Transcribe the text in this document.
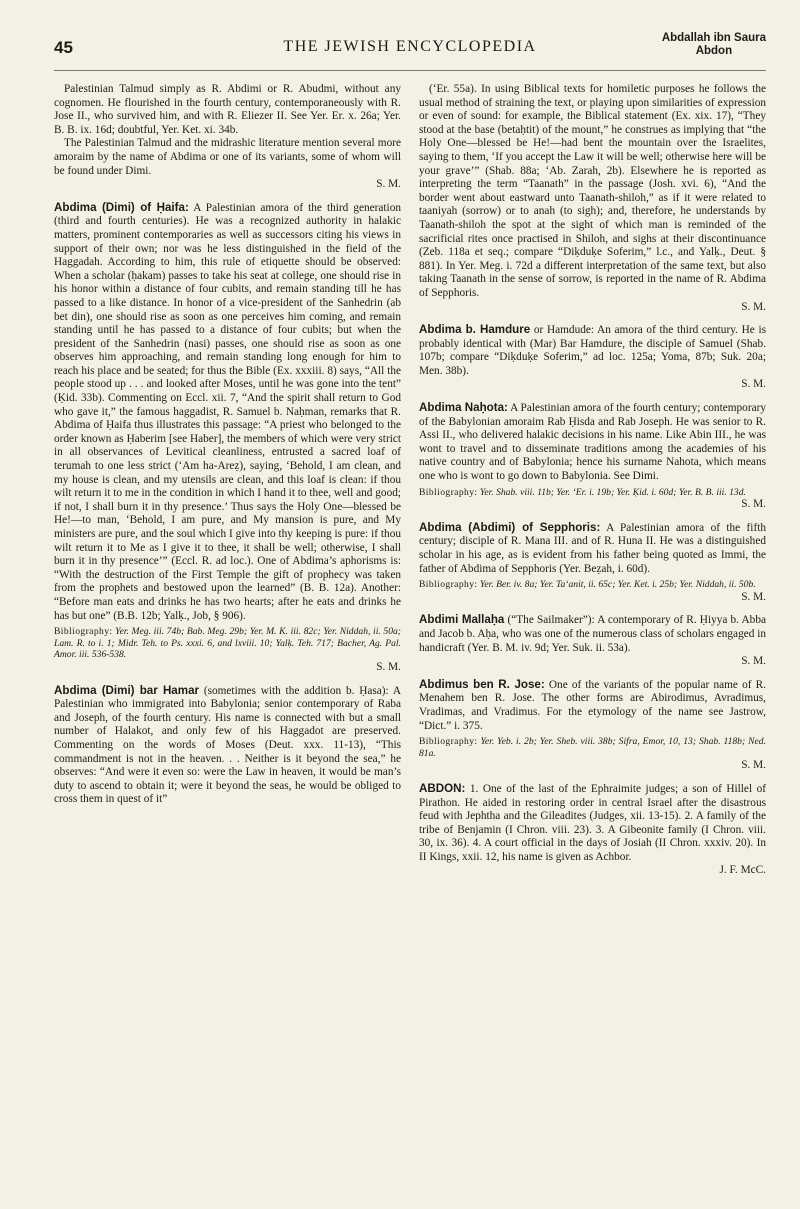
45	THE JEWISH ENCYCLOPEDIA	Abdallah ibn Saura
Abdon

Palestinian Talmud simply as R. Abdimi or R. Abudmi, without any cognomen. He flourished in the fourth century, contemporaneously with R. Jose II., who survived him, and with R. Eliezer II. See Yer. Er. x. 26a; Yer. B. B. ix. 16d; doubtful, Yer. Ket. xi. 34b.

The Palestinian Talmud and the midrashic literature mention several more amoraim by the name of Abdima or one of its variants, some of whom will be found under Dimi.

S. M.

Abdima (Dimi) of Ḥaifa: A Palestinian amora of the third generation (third and fourth centuries). He was a recognized authority in halakic matters, prominent contemporaries as well as successors citing his views in support of their own; nor was he less distinguished in the field of the Haggadah. According to him, this rule of etiquette should be observed: When a scholar (ḥakam) passes to take his seat at college, one should rise in his honor within a distance of four cubits, and remain standing till he has passed to a like distance. In honor of a vice-president of the Sanhedrin (ab bet din), one should rise as soon as one perceives him coming, and remain standing until he has passed to a distance of four cubits; but when the president of the Sanhedrin (nasi) passes, one should rise as soon as one observes him approaching, and remain standing long enough for him to reach his place and be seated; for thus the Bible (Ex. xxxiii. 8) says, “All the people stood up . . . and looked after Moses, until he was gone into the tent” (Ḳid. 33b). Commenting on Eccl. xii. 7, “And the spirit shall return to God who gave it,” the famous haggadist, R. Samuel b. Naḥman, remarks that R. Abdima of Ḥaifa thus illustrates this passage: “A priest who belonged to the order known as Ḥaberim [see Haber], the members of which were very strict in all observances of Levitical cleanliness, entrusted a sacred loaf of terumah to one less strict (‘Am ha-Areẓ), saying, ‘Behold, I am clean, and my house is clean, and my utensils are clean, and this loaf is clean: if thou wilt return it to me in the condition in which I hand it to thee, well and good; if not, I shall burn it in thy presence.’ Thus says the Holy One—blessed be He!—to man, ‘Behold, I am pure, and My mansion is pure, and My ministers are pure, and the soul which I give into thy keeping is pure: if thou wilt return it to Me as I give it to thee, it shall be well; otherwise, I shall burn it in thy presence’” (Eccl. R. ad loc.). One of Abdima’s aphorisms is: “With the destruction of the First Temple the gift of prophecy was taken from the prophets and bestowed upon the learned” (B. B. 12a). Another: “Before man eats and drinks he has two hearts; after he eats and drinks he has but one” (B.B. 12b; Yalḳ., Job, § 906).

Bibliography: Yer. Meg. iii. 74b; Bab. Meg. 29b; Yer. M. K. iii. 82c; Yer. Niddah, ii. 50a; Lam. R. to i. 1; Midr. Teh. to Ps. xxxi. 6, and lxviii. 10; Yalḳ. Teh. 717; Bacher, Ag. Pal. Amor. iii. 536-538.

S. M.

Abdima (Dimi) bar Hamar (sometimes with the addition b. Ḥasa): A Palestinian who immigrated into Babylonia; senior contemporary of Raba and Joseph, of the fourth century. His name is connected with but a small number of Halakot, and only few of his Haggadot are preserved. Commenting on the words of Moses (Deut. xxx. 11-13), “This commandment is not in the heaven. . . Neither is it beyond the sea,” he observes: “And were it even so: were the Law in heaven, it would be man’s duty to ascend to obtain it; were it beyond the seas, he would be obliged to cross them in quest of it”

(‘Er. 55a). In using Biblical texts for homiletic purposes he follows the usual method of straining the text, or playing upon similarities of expression or even of sound: for example, the Biblical statement (Ex. xix. 17), “They stood at the base (betaḥtit) of the mount,” he construes as implying that “the Holy One—blessed be He!—had bent the mountain over the Israelites, saying to them, ‘If you accept the Law it will be well; otherwise here will be your grave’” (Shab. 88a; ‘Ab. Zarah, 2b). Elsewhere he is reported as interpreting the term “Taanath” in the passage (Josh. xvi. 6), “And the border went about eastward unto Taanath-shiloh,” as if it were related to taaniyah (sorrow) or to anah (to sigh); and, therefore, he understands by Taanath-shiloh the spot at the sight of which man is reminded of the sacrificial rites once practised in Shiloh, and sighs at their discontinuance (Zeb. 118a et seq.; compare “Diḳduḳe Soferim,” l.c., and Yalḳ., Deut. § 881). In Yer. Meg. i. 72d a different interpretation of the same text, but also taking Taanath in the sense of sorrow, is reported in the name of R. Abdima of Sepphoris.

S. M.

Abdima b. Hamdure or Hamdude: An amora of the third century. He is probably identical with (Mar) Bar Hamdure, the disciple of Samuel (Shab. 107b; compare “Diḳduḳe Soferim,” ad loc. 125a; Yoma, 87b; Suk. 20a; Men. 38b).

S. M.

Abdima Naḥota: A Palestinian amora of the fourth century; contemporary of the Babylonian amoraim Rab Ḥisda and Rab Joseph. He was senior to R. Assi II., who delivered halakic decisions in his name. Like Abin III., he was wont to travel and to disseminate traditions among the academies of his native country and of Babylonia; hence his surname Nahota, which means one who is wont to go down to Babylonia. See Dimi.

Bibliography: Yer. Shab. viii. 11b; Yer. ‘Er. i. 19b; Yer. Ḳid. i. 60d; Yer. B. B. iii. 13d.

S. M.

Abdima (Abdimi) of Sepphoris: A Palestinian amora of the fifth century; disciple of R. Mana III. and of R. Huna II. He was a distinguished scholar in his age, as is evident from his father being quoted as Immi, the father of Abdima of Sepphoris (Yer. Beẓah, i. 60d).

Bibliography: Yer. Ber. iv. 8a; Yer. Ta‘anit, ii. 65c; Yer. Ket. i. 25b; Yer. Niddah, ii. 50b.

S. M.

Abdimi Mallaḥa (“The Sailmaker”): A contemporary of R. Ḥiyya b. Abba and Jacob b. Aḥa, who was one of the numerous class of scholars engaged in handicraft (Yer. B. M. iv. 9d; Yer. Suk. ii. 53a).

S. M.

Abdimus ben R. Jose: One of the variants of the popular name of R. Menahem ben R. Jose. The other forms are Abirodimus, Avradimus, Vradimas, and Vradimus. For the etymology of the name see Jastrow, “Dict.” i. 375.

Bibliography: Yer. Yeb. i. 2b; Yer. Sheb. viii. 38b; Sifra, Emor, 10, 13; Shab. 118b; Ned. 81a.

S. M.

ABDON: 1. One of the last of the Ephraimite judges; a son of Hillel of Pirathon. He aided in restoring order in central Israel after the disastrous feud with Jephtha and the Gileadites (Judges, xii. 13-15). 2. A family of the tribe of Benjamin (I Chron. viii. 23). 3. A Gibeonite family (I Chron. viii. 30, ix. 36). 4. A court official in the days of Josiah (II Chron. xxxiv. 20). In II Kings, xxii. 12, his name is given as Achbor.

J. F. McC.
